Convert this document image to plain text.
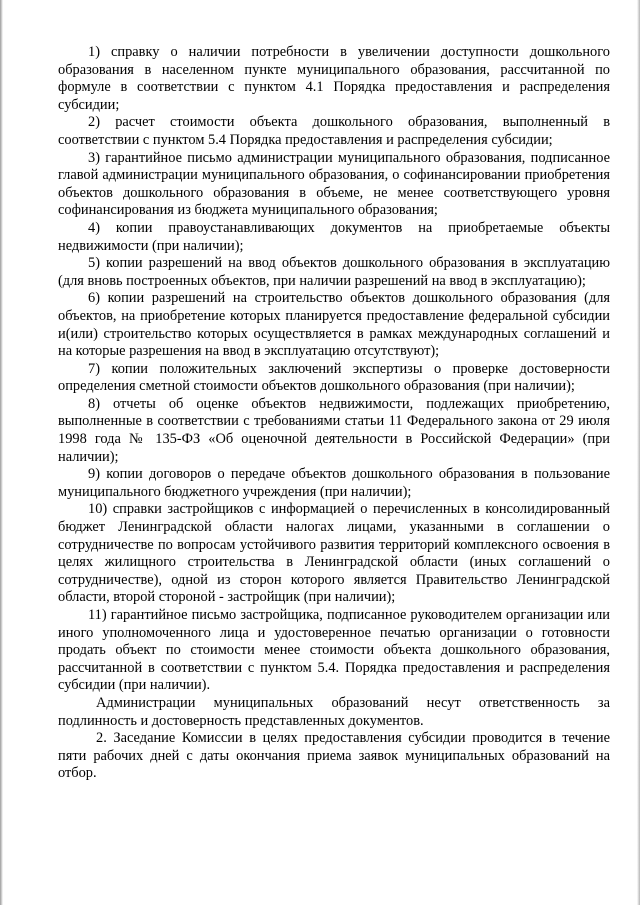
1) справку о наличии потребности в увеличении доступности дошкольного образования в населенном пункте муниципального образования, рассчитанной по формуле в соответствии с пунктом 4.1 Порядка предоставления и распределения субсидии;

2) расчет стоимости объекта дошкольного образования, выполненный в соответствии с пунктом 5.4 Порядка предоставления и распределения субсидии;

3) гарантийное письмо администрации муниципального образования, подписанное главой администрации муниципального образования, о софинансировании приобретения объектов дошкольного образования в объеме, не менее соответствующего уровня софинансирования из бюджета муниципального образования;

4) копии правоустанавливающих документов на приобретаемые объекты недвижимости (при наличии);

5) копии разрешений на ввод объектов дошкольного образования в эксплуатацию (для вновь построенных объектов, при наличии разрешений на ввод в эксплуатацию);

6) копии разрешений на строительство объектов дошкольного образования (для объектов, на приобретение которых планируется предоставление федеральной субсидии и(или) строительство которых осуществляется в рамках международных соглашений и на которые разрешения на ввод в эксплуатацию отсутствуют);

7) копии положительных заключений экспертизы о проверке достоверности определения сметной стоимости объектов дошкольного образования (при наличии);

8) отчеты об оценке объектов недвижимости, подлежащих приобретению, выполненные в соответствии с требованиями статьи 11 Федерального закона от 29 июля 1998 года № 135-ФЗ «Об оценочной деятельности в Российской Федерации» (при наличии);

9) копии договоров о передаче объектов дошкольного образования в пользование муниципального бюджетного учреждения (при наличии);

10) справки застройщиков с информацией о перечисленных в консолидированный бюджет Ленинградской области налогах лицами, указанными в соглашении о сотрудничестве по вопросам устойчивого развития территорий комплексного освоения в целях жилищного строительства в Ленинградской области (иных соглашений о сотрудничестве), одной из сторон которого является Правительство Ленинградской области, второй стороной - застройщик (при наличии);

11) гарантийное письмо застройщика, подписанное руководителем организации или иного уполномоченного лица и удостоверенное печатью организации о готовности продать объект по стоимости менее стоимости объекта дошкольного образования, рассчитанной в соответствии с пунктом 5.4. Порядка предоставления и распределения субсидии (при наличии).

Администрации муниципальных образований несут ответственность за подлинность и достоверность представленных документов.

2. Заседание Комиссии в целях предоставления субсидии проводится в течение пяти рабочих дней с даты окончания приема заявок муниципальных образований на отбор.
